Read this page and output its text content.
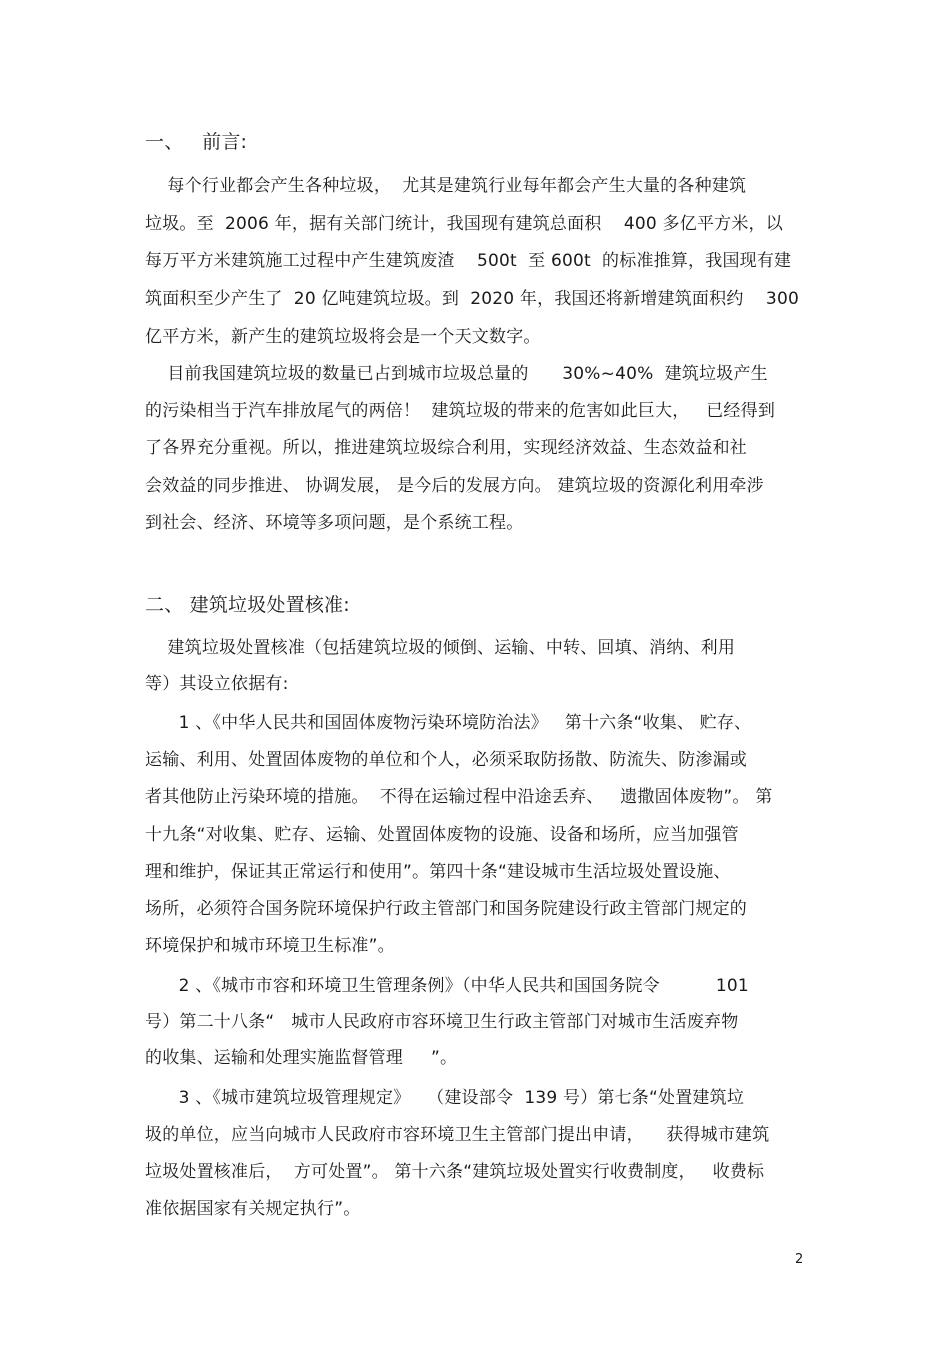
一、   前言:
每个行业都会产生各种垃圾，  尤其是建筑行业每年都会产生大量的各种建筑
垃圾。至  2006 年，据有关部门统计，我国现有建筑总面积    400 多亿平方米，以
每万平方米建筑施工过程中产生建筑废渣    500t  至 600t  的标准推算，我国现有建
筑面积至少产生了  20 亿吨建筑垃圾。到  2020 年，我国还将新增建筑面积约    300
亿平方米，新产生的建筑垃圾将会是一个天文数字。
目前我国建筑垃圾的数量已占到城市垃圾总量的      30%~40%  建筑垃圾产生
的污染相当于汽车排放尾气的两倍！  建筑垃圾的带来的危害如此巨大，   已经得到
了各界充分重视。所以，推进建筑垃圾综合利用，实现经济效益、生态效益和社
会效益的同步推进、 协调发展， 是今后的发展方向。 建筑垃圾的资源化利用牵涉
到社会、经济、环境等多项问题，是个系统工程。
二、 建筑垃圾处置核准:
建筑垃圾处置核准（包括建筑垃圾的倾倒、运输、中转、回填、消纳、利用
等）其设立依据有:
1 、《中华人民共和国固体废物污染环境防治法》   第十六条“收集、 贮存、
运输、利用、处置固体废物的单位和个人，必须采取防扬散、防流失、防渗漏或
者其他防止污染环境的措施。  不得在运输过程中沿途丢弃、   遗撒固体废物”。 第
十九条“对收集、贮存、运输、处置固体废物的设施、设备和场所，应当加强管
理和维护，保证其正常运行和使用”。第四十条“建设城市生活垃圾处置设施、
场所，必须符合国务院环境保护行政主管部门和国务院建设行政主管部门规定的
环境保护和城市环境卫生标准”。
2 、《城市市容和环境卫生管理条例》（中华人民共和国国务院令          101
号）第二十八条“   城市人民政府市容环境卫生行政主管部门对城市生活废弃物
的收集、运输和处理实施监督管理     ”。
3 、《城市建筑垃圾管理规定》   （建设部令  139 号）第七条“处置建筑垃
圾的单位，应当向城市人民政府市容环境卫生主管部门提出申请，    获得城市建筑
垃圾处置核准后，  方可处置”。 第十六条“建筑垃圾处置实行收费制度，   收费标
准依据国家有关规定执行”。
2
